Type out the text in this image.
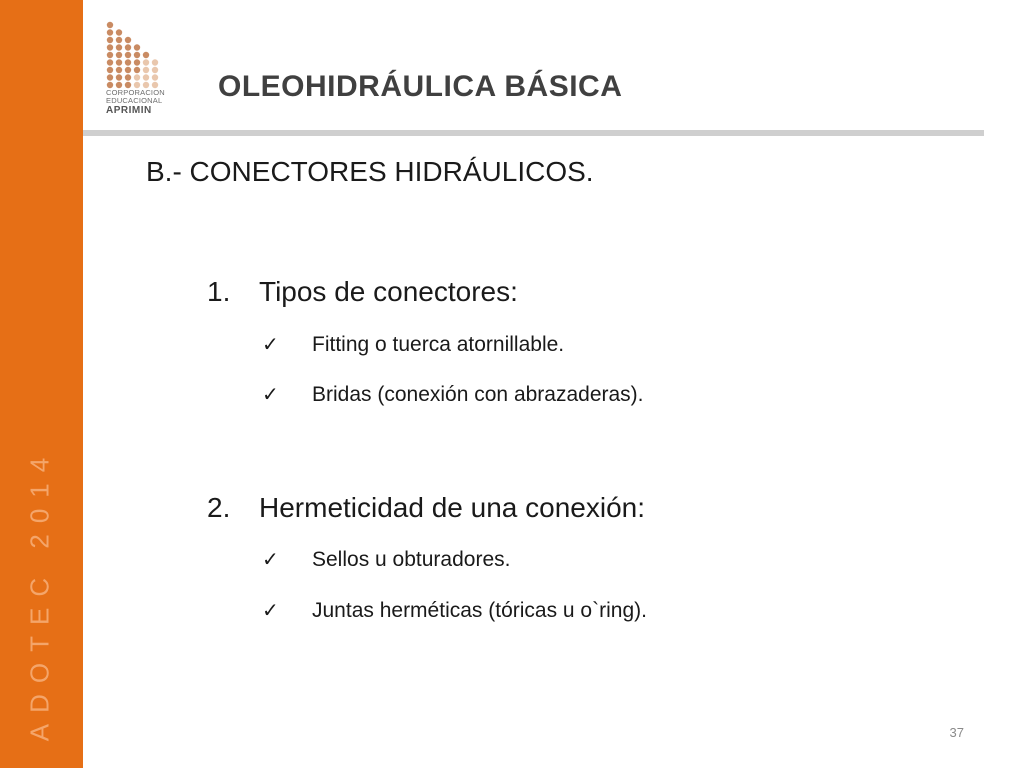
ADOTEC 2014
CORPORACION
EDUCACIONAL
APRIMIN
OLEOHIDRÁULICA BÁSICA
B.- CONECTORES HIDRÁULICOS.
1. Tipos de conectores:
✓ Fitting o tuerca atornillable.
✓ Bridas (conexión con abrazaderas).
2. Hermeticidad de una conexión:
✓ Sellos u obturadores.
✓ Juntas herméticas (tóricas u o`ring).
37
